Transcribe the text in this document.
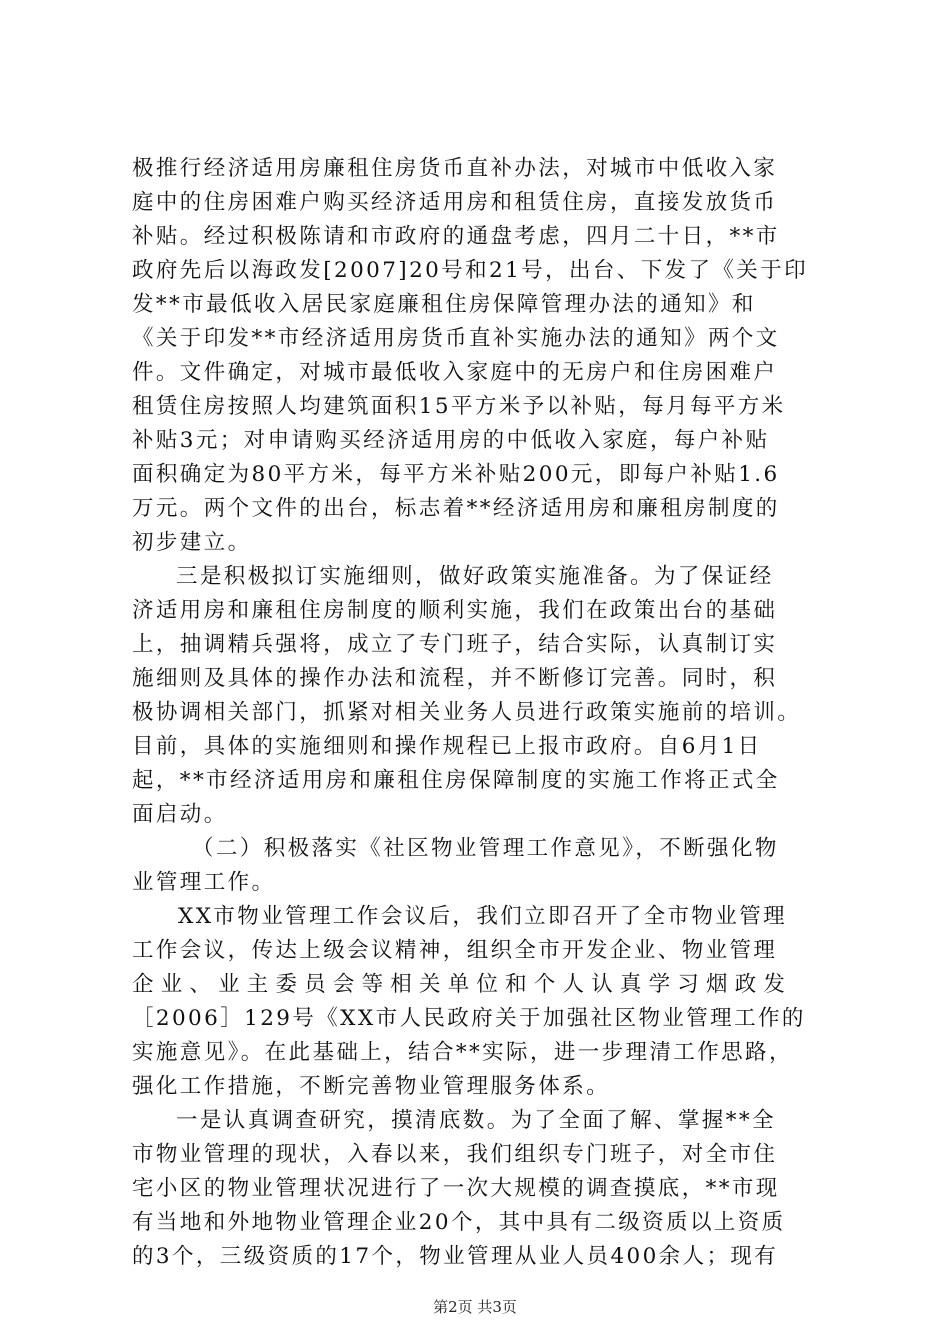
极推行经济适用房廉租住房货币直补办法，对城市中低收入家
庭中的住房困难户购买经济适用房和租赁住房，直接发放货币
补贴。经过积极陈请和市政府的通盘考虑，四月二十日，**市
政府先后以海政发[2007]20号和21号，出台、下发了《关于印
发**市最低收入居民家庭廉租住房保障管理办法的通知》和
《关于印发**市经济适用房货币直补实施办法的通知》两个文
件。文件确定，对城市最低收入家庭中的无房户和住房困难户
租赁住房按照人均建筑面积15平方米予以补贴，每月每平方米
补贴3元；对申请购买经济适用房的中低收入家庭，每户补贴
面积确定为80平方米，每平方米补贴200元，即每户补贴1.6
万元。两个文件的出台，标志着**经济适用房和廉租房制度的
初步建立。
三是积极拟订实施细则，做好政策实施准备。为了保证经
济适用房和廉租住房制度的顺利实施，我们在政策出台的基础
上，抽调精兵强将，成立了专门班子，结合实际，认真制订实
施细则及具体的操作办法和流程，并不断修订完善。同时，积
极协调相关部门，抓紧对相关业务人员进行政策实施前的培训。
目前，具体的实施细则和操作规程已上报市政府。自6月1日
起，**市经济适用房和廉租住房保障制度的实施工作将正式全
面启动。
（二）积极落实《社区物业管理工作意见》，不断强化物
业管理工作。
XX市物业管理工作会议后，我们立即召开了全市物业管理
工作会议，传达上级会议精神，组织全市开发企业、物业管理
企业、业主委员会等相关单位和个人认真学习烟政发
［2006］129号《XX市人民政府关于加强社区物业管理工作的
实施意见》。在此基础上，结合**实际，进一步理清工作思路，
强化工作措施，不断完善物业管理服务体系。
一是认真调查研究，摸清底数。为了全面了解、掌握**全
市物业管理的现状，入春以来，我们组织专门班子，对全市住
宅小区的物业管理状况进行了一次大规模的调查摸底，**市现
有当地和外地物业管理企业20个，其中具有二级资质以上资质
的3个，三级资质的17个，物业管理从业人员400余人；现有
第2页 共3页
